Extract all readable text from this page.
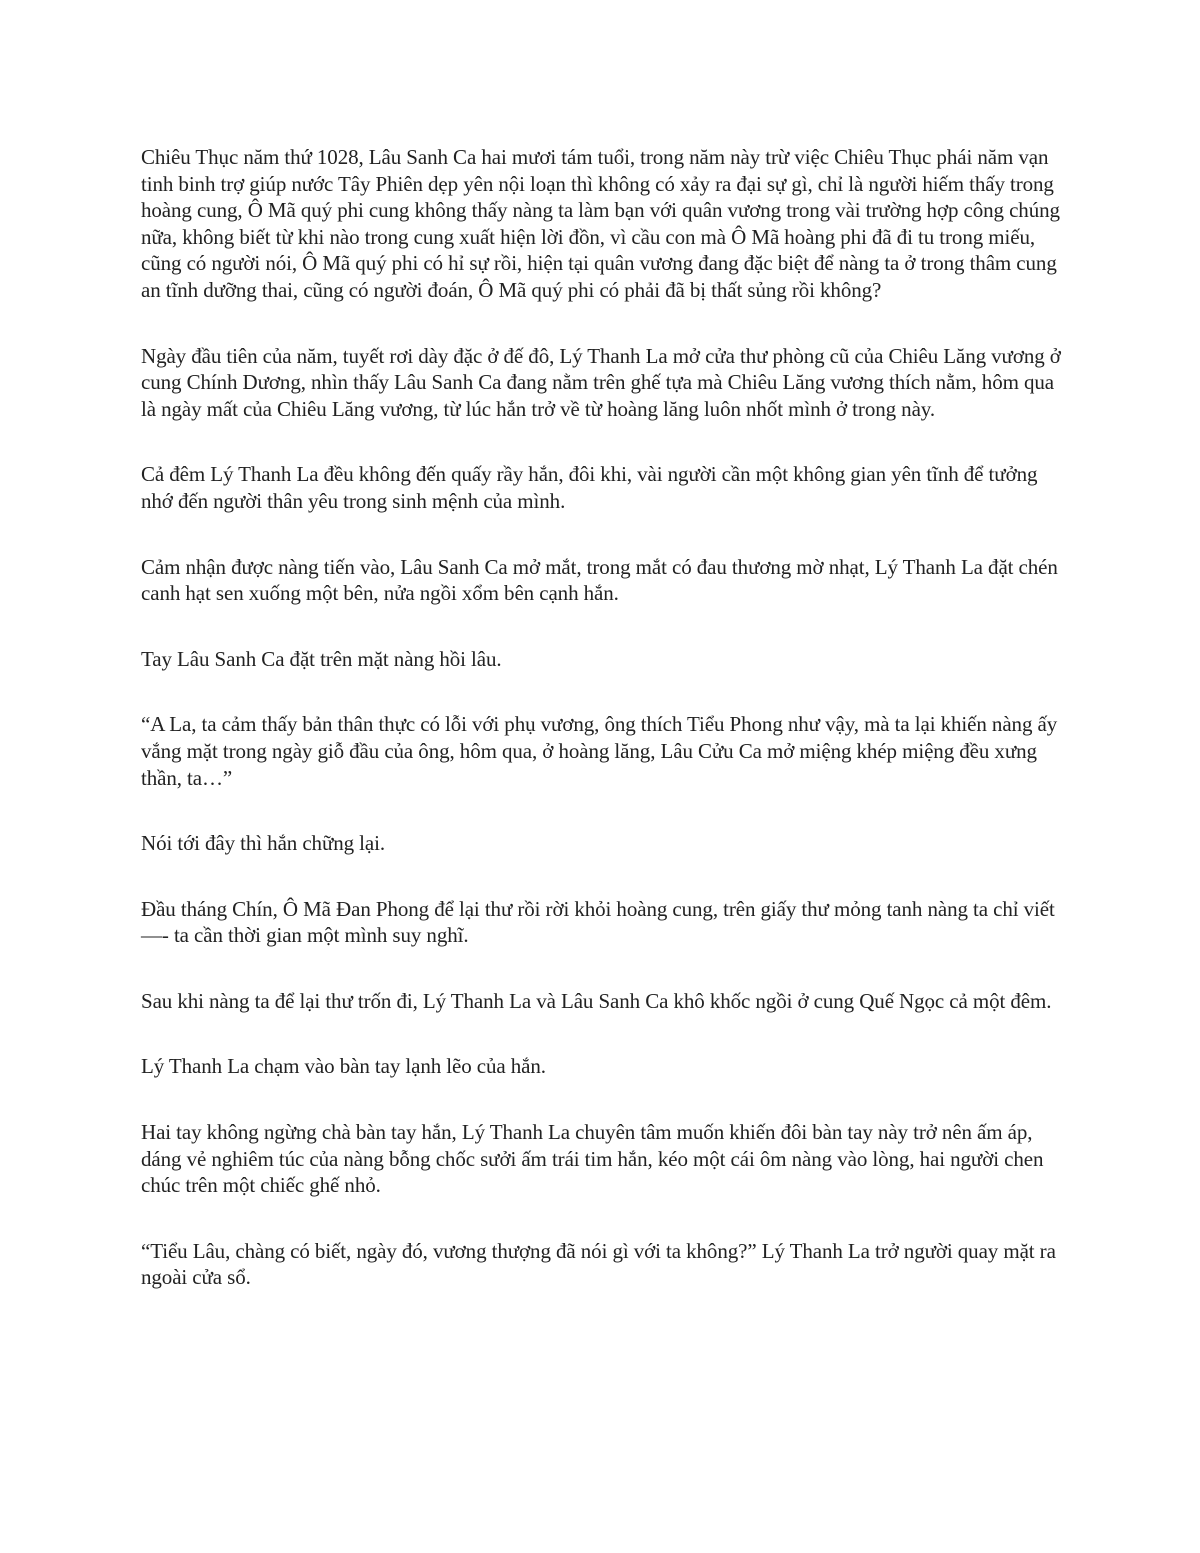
Chiêu Thục năm thứ 1028, Lâu Sanh Ca hai mươi tám tuổi, trong năm này trừ việc Chiêu Thục phái năm vạn tinh binh trợ giúp nước Tây Phiên dẹp yên nội loạn thì không có xảy ra đại sự gì, chỉ là người hiếm thấy trong hoàng cung, Ô Mã quý phi cung không thấy nàng ta làm bạn với quân vương trong vài trường hợp công chúng nữa, không biết từ khi nào trong cung xuất hiện lời đồn, vì cầu con mà Ô Mã hoàng phi đã đi tu trong miếu, cũng có người nói, Ô Mã quý phi có hỉ sự rồi, hiện tại quân vương đang đặc biệt để nàng ta ở trong thâm cung an tĩnh dưỡng thai, cũng có người đoán, Ô Mã quý phi có phải đã bị thất sủng rồi không?

Ngày đầu tiên của năm, tuyết rơi dày đặc ở đế đô, Lý Thanh La mở cửa thư phòng cũ của Chiêu Lăng vương ở cung Chính Dương, nhìn thấy Lâu Sanh Ca đang nằm trên ghế tựa mà Chiêu Lăng vương thích nằm, hôm qua là ngày mất của Chiêu Lăng vương, từ lúc hắn trở về từ hoàng lăng luôn nhốt mình ở trong này.

Cả đêm Lý Thanh La đều không đến quấy rầy hắn, đôi khi, vài người cần một không gian yên tĩnh để tưởng nhớ đến người thân yêu trong sinh mệnh của mình.

Cảm nhận được nàng tiến vào, Lâu Sanh Ca mở mắt, trong mắt có đau thương mờ nhạt, Lý Thanh La đặt chén canh hạt sen xuống một bên, nửa ngồi xổm bên cạnh hắn.

Tay Lâu Sanh Ca đặt trên mặt nàng hồi lâu.

“A La, ta cảm thấy bản thân thực có lỗi với phụ vương, ông thích Tiểu Phong như vậy, mà ta lại khiến nàng ấy vắng mặt trong ngày giỗ đầu của ông, hôm qua, ở hoàng lăng, Lâu Cửu Ca mở miệng khép miệng đều xưng thần, ta…”

Nói tới đây thì hắn chững lại.

Đầu tháng Chín, Ô Mã Đan Phong để lại thư rồi rời khỏi hoàng cung, trên giấy thư mỏng tanh nàng ta chỉ viết —- ta cần thời gian một mình suy nghĩ.

Sau khi nàng ta để lại thư trốn đi, Lý Thanh La và Lâu Sanh Ca khô khốc ngồi ở cung Quế Ngọc cả một đêm.

Lý Thanh La chạm vào bàn tay lạnh lẽo của hắn.

Hai tay không ngừng chà bàn tay hắn, Lý Thanh La chuyên tâm muốn khiến đôi bàn tay này trở nên ấm áp, dáng vẻ nghiêm túc của nàng bỗng chốc sưởi ấm trái tim hắn, kéo một cái ôm nàng vào lòng, hai người chen chúc trên một chiếc ghế nhỏ.

“Tiểu Lâu, chàng có biết, ngày đó, vương thượng đã nói gì với ta không?” Lý Thanh La trở người quay mặt ra ngoài cửa sổ.
